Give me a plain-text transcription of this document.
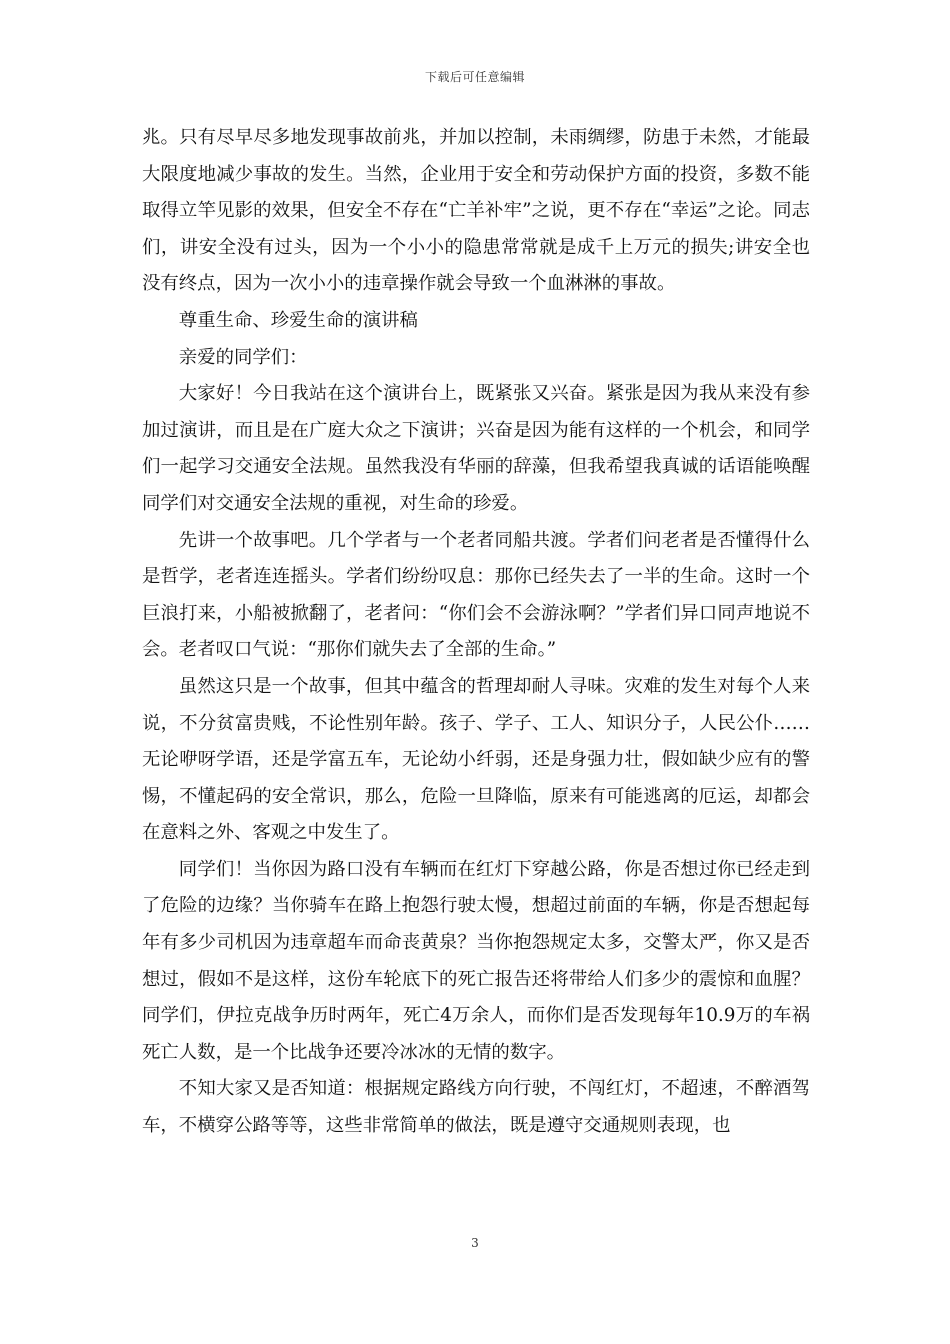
下载后可任意编辑

兆。只有尽早尽多地发现事故前兆，并加以控制，未雨绸缪，防患于未然，才能最大限度地减少事故的发生。当然，企业用于安全和劳动保护方面的投资，多数不能取得立竿见影的效果，但安全不存在“亡羊补牢”之说，更不存在“幸运”之论。同志们，讲安全没有过头，因为一个小小的隐患常常就是成千上万元的损失;讲安全也没有终点，因为一次小小的违章操作就会导致一个血淋淋的事故。

尊重生命、珍爱生命的演讲稿

亲爱的同学们：

大家好！今日我站在这个演讲台上，既紧张又兴奋。紧张是因为我从来没有参加过演讲，而且是在广庭大众之下演讲；兴奋是因为能有这样的一个机会，和同学们一起学习交通安全法规。虽然我没有华丽的辞藻，但我希望我真诚的话语能唤醒同学们对交通安全法规的重视，对生命的珍爱。

先讲一个故事吧。几个学者与一个老者同船共渡。学者们问老者是否懂得什么是哲学，老者连连摇头。学者们纷纷叹息：那你已经失去了一半的生命。这时一个巨浪打来，小船被掀翻了，老者问：“你们会不会游泳啊？”学者们异口同声地说不会。老者叹口气说：“那你们就失去了全部的生命。”

虽然这只是一个故事，但其中蕴含的哲理却耐人寻味。灾难的发生对每个人来说，不分贫富贵贱，不论性别年龄。孩子、学子、工人、知识分子，人民公仆……无论咿呀学语，还是学富五车，无论幼小纤弱，还是身强力壮，假如缺少应有的警惕，不懂起码的安全常识，那么，危险一旦降临，原来有可能逃离的厄运，却都会在意料之外、客观之中发生了。

同学们！当你因为路口没有车辆而在红灯下穿越公路，你是否想过你已经走到了危险的边缘？当你骑车在路上抱怨行驶太慢，想超过前面的车辆，你是否想起每年有多少司机因为违章超车而命丧黄泉？当你抱怨规定太多，交警太严，你又是否想过，假如不是这样，这份车轮底下的死亡报告还将带给人们多少的震惊和血腥？同学们，伊拉克战争历时两年，死亡4万余人，而你们是否发现每年10.9万的车祸死亡人数，是一个比战争还要冷冰冰的无情的数字。

不知大家又是否知道：根据规定路线方向行驶，不闯红灯，不超速，不醉酒驾车，不横穿公路等等，这些非常简单的做法，既是遵守交通规则表现，也

3
